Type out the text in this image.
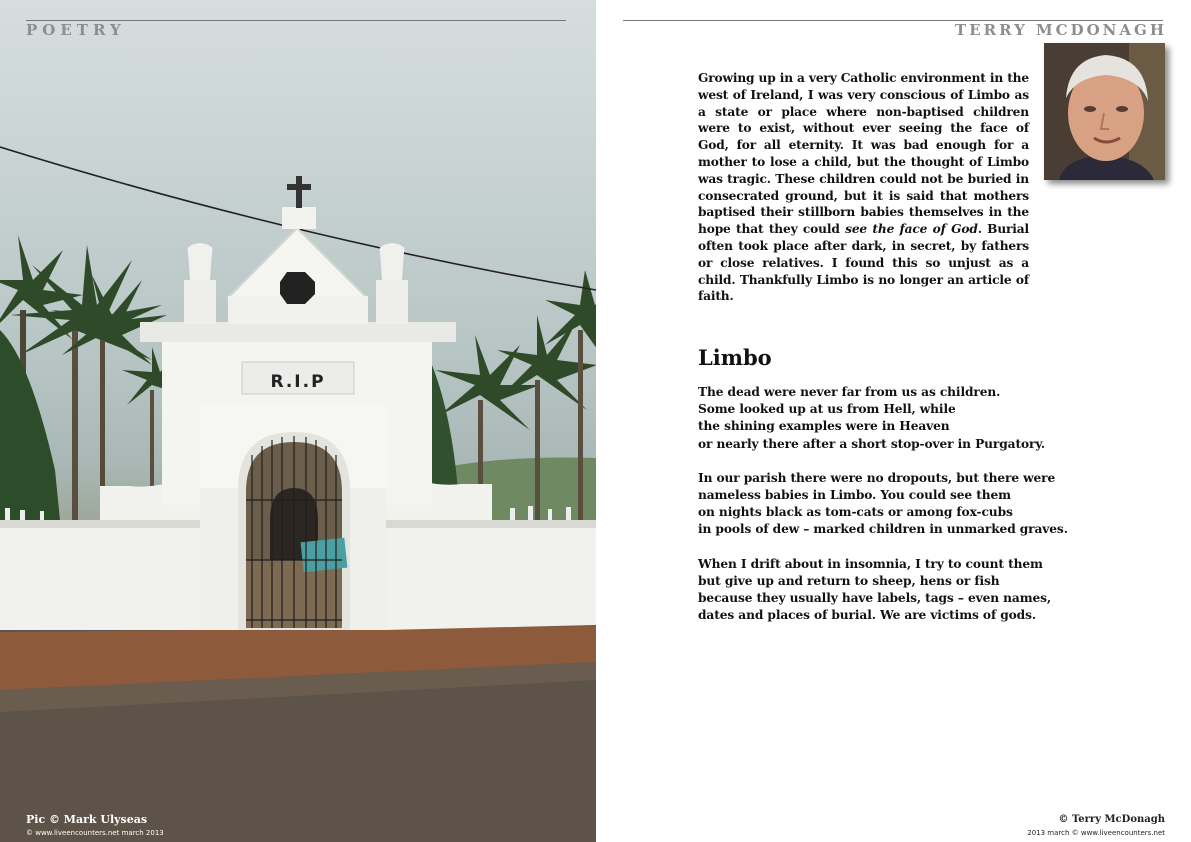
R.I.P
POETRY
Pic © Mark Ulyseas
© www.liveencounters.net march 2013
TERRY MCDONAGH

Growing up in a very Catholic environment in the west of Ireland, I was very conscious of Limbo as a state or place where non-baptised children were to exist, without ever seeing the face of God, for all eternity. It was bad enough for a mother to lose a child, but the thought of Limbo was tragic. These children could not be buried in consecrated ground, but it is said that mothers baptised their stillborn babies themselves in the hope that they could see the face of God. Burial often took place after dark, in secret, by fathers or close relatives. I found this so unjust as a child. Thankfully Limbo is no longer an article of faith.

Limbo
The dead were never far from us as children.
Some looked up at us from Hell, while
the shining examples were in Heaven
or nearly there after a short stop-over in Purgatory.
In our parish there were no dropouts, but there were
nameless babies in Limbo. You could see them
on nights black as tom-cats or among fox-cubs
in pools of dew – marked children in unmarked graves.
When I drift about in insomnia, I try to count them
but give up and return to sheep, hens or fish
because they usually have labels, tags – even names,
dates and places of burial. We are victims of gods.
© Terry McDonagh
2013 march © www.liveencounters.net
